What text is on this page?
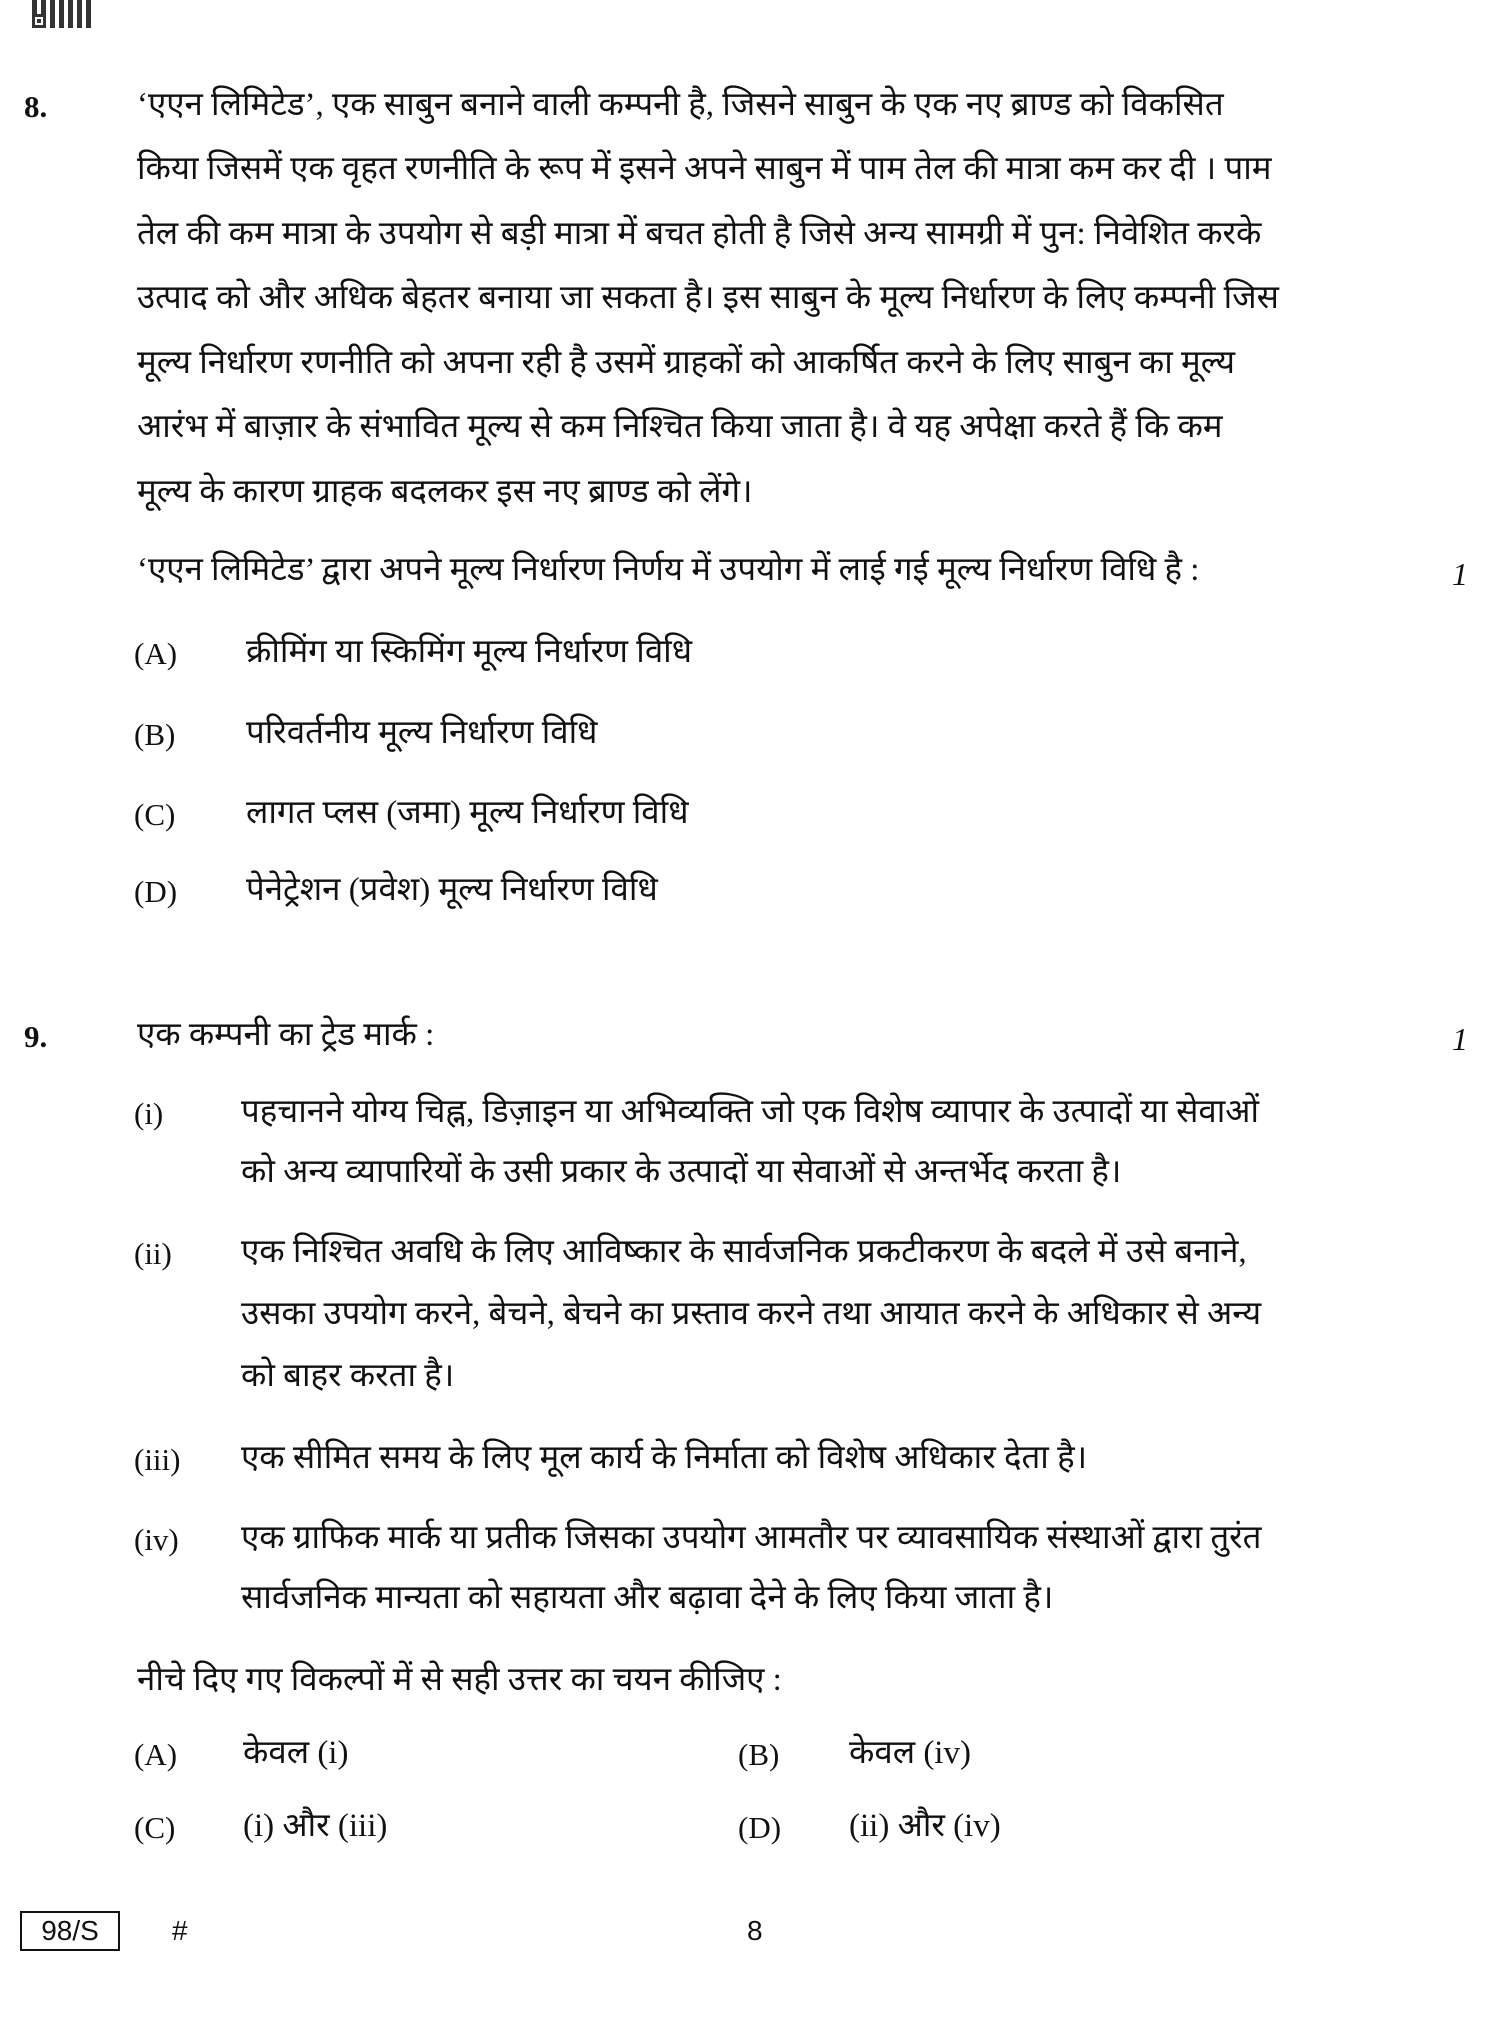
8.	‘एएन लिमिटेड’, एक साबुन बनाने वाली कम्पनी है, जिसने साबुन के एक नए ब्राण्ड को विकसित
किया जिसमें एक वृहत रणनीति के रूप में इसने अपने साबुन में पाम तेल की मात्रा कम कर दी । पाम
तेल की कम मात्रा के उपयोग से बड़ी मात्रा में बचत होती है जिसे अन्य सामग्री में पुन: निवेशित करके
उत्पाद को और अधिक बेहतर बनाया जा सकता है। इस साबुन के मूल्य निर्धारण के लिए कम्पनी जिस
मूल्य निर्धारण रणनीति को अपना रही है उसमें ग्राहकों को आकर्षित करने के लिए साबुन का मूल्य
आरंभ में बाज़ार के संभावित मूल्य से कम निश्चित किया जाता है। वे यह अपेक्षा करते हैं कि कम
मूल्य के कारण ग्राहक बदलकर इस नए ब्राण्ड को लेंगे।
‘एएन लिमिटेड’ द्वारा अपने मूल्य निर्धारण निर्णय में उपयोग में लाई गई मूल्य निर्धारण विधि है :	1
(A) क्रीमिंग या स्किमिंग मूल्य निर्धारण विधि
(B) परिवर्तनीय मूल्य निर्धारण विधि
(C) लागत प्लस (जमा) मूल्य निर्धारण विधि
(D) पेनेट्रेशन (प्रवेश) मूल्य निर्धारण विधि
9.	एक कम्पनी का ट्रेड मार्क :	1
(i) पहचानने योग्य चिह्न, डिज़ाइन या अभिव्यक्ति जो एक विशेष व्यापार के उत्पादों या सेवाओं
को अन्य व्यापारियों के उसी प्रकार के उत्पादों या सेवाओं से अन्तर्भेद करता है।
(ii) एक निश्चित अवधि के लिए आविष्कार के सार्वजनिक प्रकटीकरण के बदले में उसे बनाने,
उसका उपयोग करने, बेचने, बेचने का प्रस्ताव करने तथा आयात करने के अधिकार से अन्य
को बाहर करता है।
(iii) एक सीमित समय के लिए मूल कार्य के निर्माता को विशेष अधिकार देता है।
(iv) एक ग्राफिक मार्क या प्रतीक जिसका उपयोग आमतौर पर व्यावसायिक संस्थाओं द्वारा तुरंत
सार्वजनिक मान्यता को सहायता और बढ़ावा देने के लिए किया जाता है।
नीचे दिए गए विकल्पों में से सही उत्तर का चयन कीजिए :
(A) केवल (i)	(B) केवल (iv)
(C) (i) और (iii)	(D) (ii) और (iv)
98/S	#	8
